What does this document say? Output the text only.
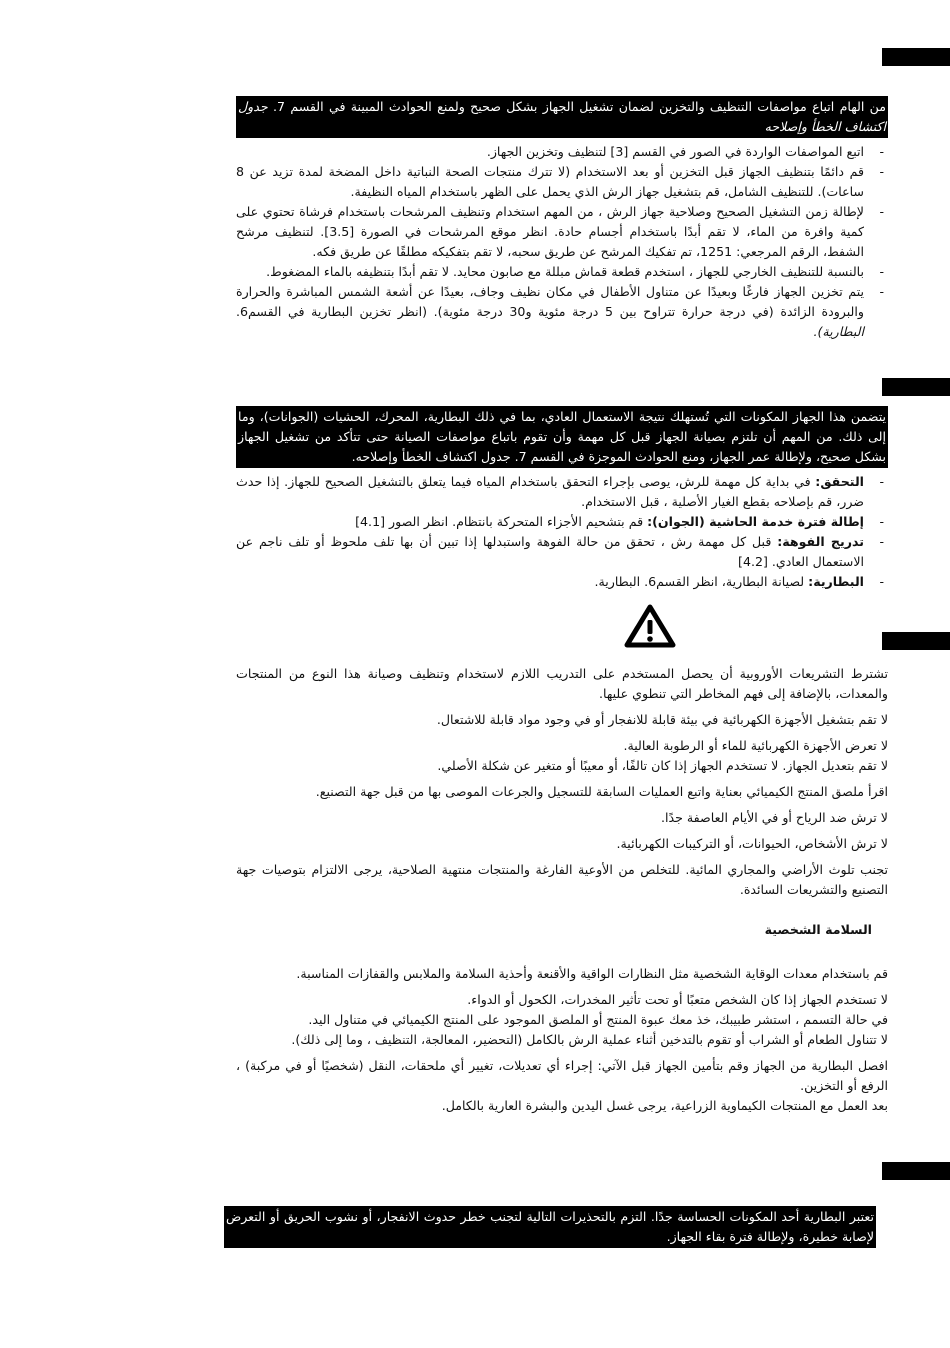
من الهام اتباع مواصفات التنظيف والتخزين لضمان تشغيل الجهاز بشكل صحيح ولمنع الحوادث المبينة في القسم 7. جدول اكتشاف الخطأ وإصلاحه
- اتبع المواصفات الواردة في الصور في القسم [3] لتنظيف وتخزين الجهاز.
- قم دائمًا بتنظيف الجهاز قبل التخزين أو بعد الاستخدام (لا تترك منتجات الصحة النباتية داخل المضخة لمدة تزيد عن 8 ساعات). للتنظيف الشامل، قم بتشغيل جهاز الرش الذي يحمل على الظهر باستخدام المياه النظيفة.
- لإطالة زمن التشغيل الصحيح وصلاحية جهاز الرش ، من المهم استخدام وتنظيف المرشحات باستخدام فرشاة تحتوي على كمية وافرة من الماء، لا تقم أبدًا باستخدام أجسام حادة. انظر موقع المرشحات في الصورة [3.5]. لتنظيف مرشح الشفط، الرقم المرجعي: 1251، تم تفكيك المرشح عن طريق سحبه، لا تقم بتفكيكه مطلقًا عن طريق فكه.
- بالنسبة للتنظيف الخارجي للجهاز ، استخدم قطعة قماش مبللة مع صابون محايد. لا تقم أبدًا بتنظيفه بالماء المضغوط.
- يتم تخزين الجهاز فارغًا وبعيدًا عن متناول الأطفال في مكان نظيف وجاف، بعيدًا عن أشعة الشمس المباشرة والحرارة والبرودة الزائدة (في درجة حرارة تتراوح بين 5 درجة مئوية و30 درجة مئوية). (انظر تخزين البطارية في القسم6. البطارية).
يتضمن هذا الجهاز المكونات التي تُستهلك نتيجة الاستعمال العادي، بما في ذلك البطارية، المحرك، الحشيات (الجوانات)، وما إلى ذلك. من المهم أن تلتزم بصيانة الجهاز قبل كل مهمة وأن تقوم باتباع مواصفات الصيانة حتى تتأكد من تشغيل الجهاز بشكل صحيح، ولإطالة عمر الجهاز، ومنع الحوادث الموجزة في القسم 7. جدول اكتشاف الخطأ وإصلاحه.
- التحقق: في بداية كل مهمة للرش، يوصى بإجراء التحقق باستخدام المياه فيما يتعلق بالتشغيل الصحيح للجهاز. إذا حدث ضرر، قم بإصلاحه بقطع الغيار الأصلية ، قبل الاستخدام.
- إطالة فترة خدمة الحاشية (الجوان): قم بتشحيم الأجزاء المتحركة بانتظام. انظر الصور [4.1]
- تدريج الفوهة: قبل كل مهمة رش ، تحقق من حالة الفوهة واستبدلها إذا تبين أن بها تلف ملحوظ أو تلف ناجم عن الاستعمال العادي. [4.2]
- البطارية: لصيانة البطارية، انظر القسم6. البطارية.

تشترط التشريعات الأوروبية أن يحصل المستخدم على التدريب اللازم لاستخدام وتنظيف وصيانة هذا النوع من المنتجات والمعدات، بالإضافة إلى فهم المخاطر التي تنطوي عليها.

لا تقم بتشغيل الأجهزة الكهربائية في بيئة قابلة للانفجار أو في وجود مواد قابلة للاشتعال.

لا تعرض الأجهزة الكهربائية للماء أو الرطوبة العالية.

لا تقم بتعديل الجهاز. لا تستخدم الجهاز إذا كان تالفًا، أو معيبًا أو متغير عن شكلة الأصلي.

اقرأ ملصق المنتج الكيميائي بعناية واتبع العمليات السابقة للتسجيل والجرعات الموصى بها من قبل جهة التصنيع.

لا ترش ضد الرياح أو في الأيام العاصفة جدًا.

لا ترش الأشخاص، الحيوانات، أو التركيبات الكهربائية.

تجنب تلوث الأراضي والمجاري المائية. للتخلص من الأوعية الفارغة والمنتجات منتهية الصلاحية، يرجى الالتزام بتوصيات جهة التصنيع والتشريعات السائدة.

السلامة الشخصية

قم باستخدام معدات الوقاية الشخصية مثل النظارات الواقية والأقنعة وأحذية السلامة والملابس والقفازات المناسبة.

لا تستخدم الجهاز إذا كان الشخص متعبًا أو تحت تأثير المخدرات، الكحول أو الدواء.

في حالة التسمم ، استشر طبيبك، خذ معك عبوة المنتج أو الملصق الموجود على المنتج الكيميائي في متناول اليد.

لا تتناول الطعام أو الشراب أو تقوم بالتدخين أثناء عملية الرش بالكامل (التحضير، المعالجة، التنظيف ، وما إلى ذلك).

افصل البطارية من الجهاز وقم بتأمين الجهاز قبل الآتي: إجراء أي تعديلات، تغيير أي ملحقات، النقل (شخصيًا أو في مركبة) ، الرفع أو التخزين.

بعد العمل مع المنتجات الكيماوية الزراعية، يرجى غسل اليدين والبشرة العارية بالكامل.

تعتبر البطارية أحد المكونات الحساسة جدًا. التزم بالتحذيرات التالية لتجنب خطر حدوث الانفجار، أو نشوب الحريق أو التعرض لإصابة خطيرة، ولإطالة فترة بقاء الجهاز.
